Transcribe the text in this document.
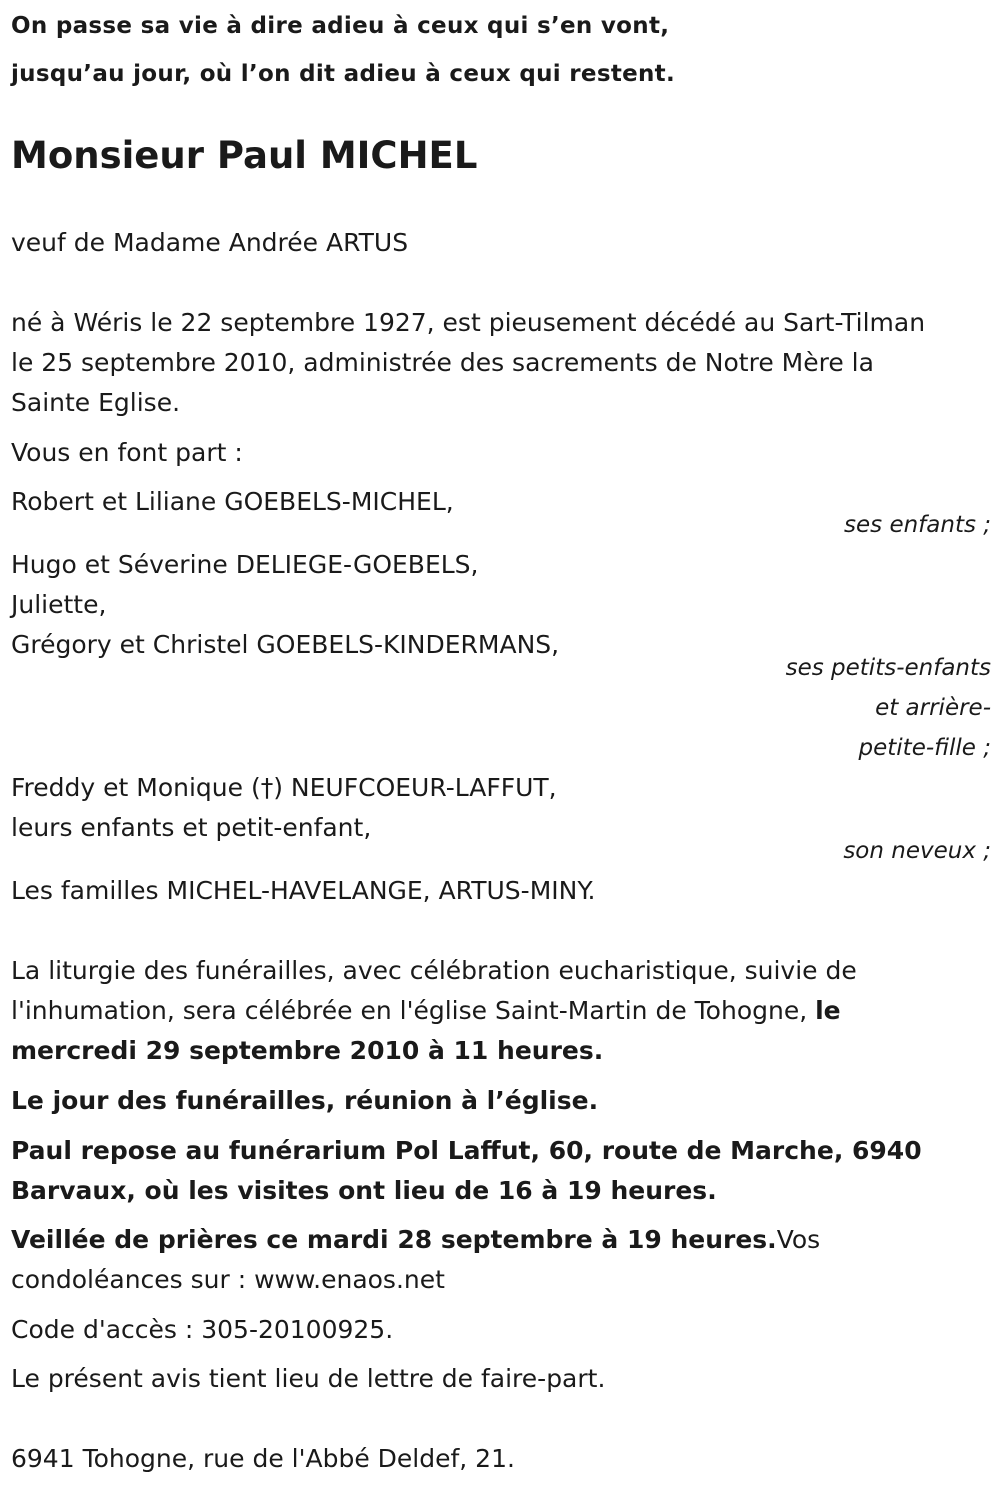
On passe sa vie à dire adieu à ceux qui s’en vont,
jusqu’au jour, où l’on dit adieu à ceux qui restent.
Monsieur Paul MICHEL
veuf de Madame Andrée ARTUS
né à Wéris le 22 septembre 1927, est pieusement décédé au Sart-Tilman
le 25 septembre 2010, administrée des sacrements de Notre Mère la
Sainte Eglise.
Vous en font part :
Robert et Liliane GOEBELS-MICHEL,
ses enfants ;
Hugo et Séverine DELIEGE-GOEBELS,
Juliette,
Grégory et Christel GOEBELS-KINDERMANS,
ses petits-enfants
et arrière-
petite-fille ;
Freddy et Monique (†) NEUFCOEUR-LAFFUT,
leurs enfants et petit-enfant,
son neveux ;
Les familles MICHEL-HAVELANGE, ARTUS-MINY.
La liturgie des funérailles, avec célébration eucharistique, suivie de
l'inhumation, sera célébrée en l'église Saint-Martin de Tohogne, le
mercredi 29 septembre 2010 à 11 heures.
Le jour des funérailles, réunion à l’église.
Paul repose au funérarium Pol Laffut, 60, route de Marche, 6940
Barvaux, où les visites ont lieu de 16 à 19 heures.
Veillée de prières ce mardi 28 septembre à 19 heures.Vos
condoléances sur : www.enaos.net
Code d'accès : 305-20100925.
Le présent avis tient lieu de lettre de faire-part.
6941 Tohogne, rue de l'Abbé Deldef, 21.
